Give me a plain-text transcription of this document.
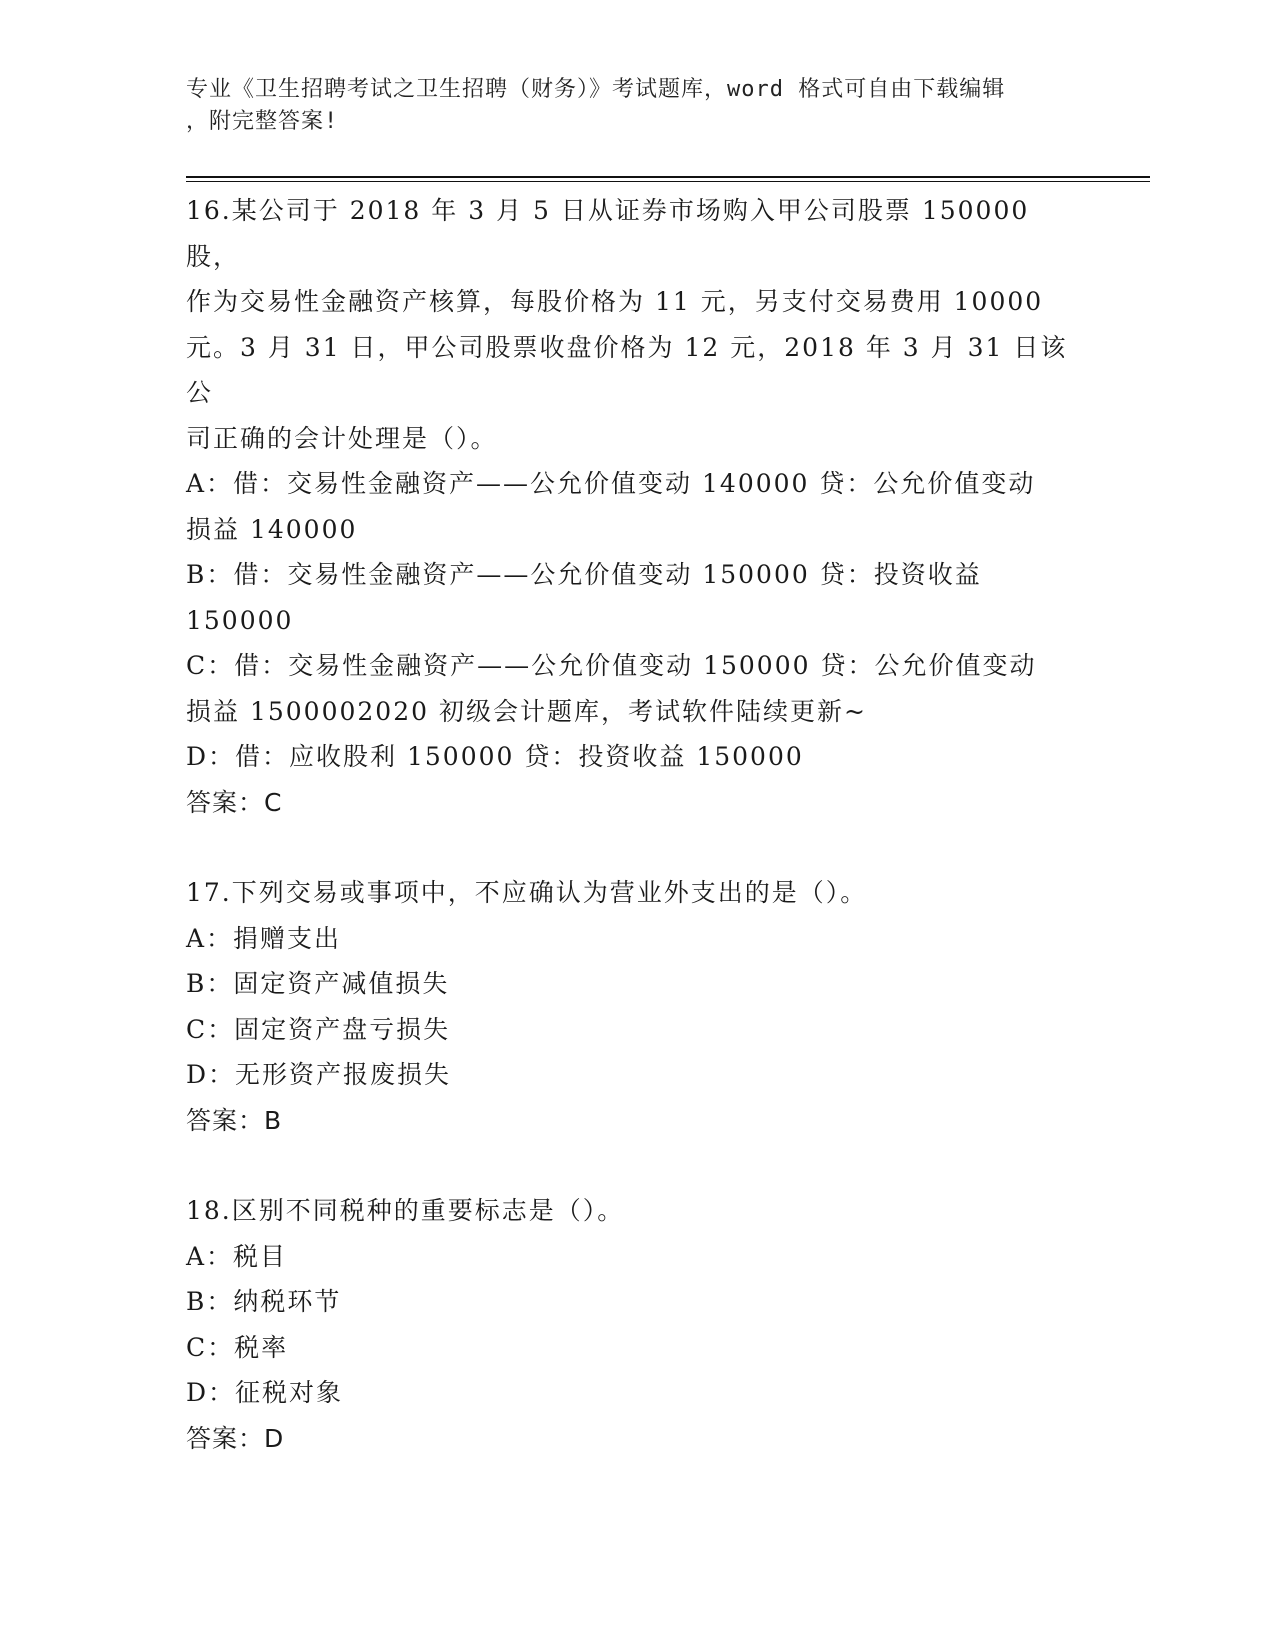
专业《卫生招聘考试之卫生招聘（财务）》考试题库，word 格式可自由下载编辑
，附完整答案!
16.某公司于 2018 年 3 月 5 日从证券市场购入甲公司股票 150000 股，
作为交易性金融资产核算，每股价格为 11 元，另支付交易费用 10000
元。3 月 31 日，甲公司股票收盘价格为 12 元，2018 年 3 月 31 日该公
司正确的会计处理是（）。
A：借：交易性金融资产——公允价值变动 140000 贷：公允价值变动
损益 140000
B：借：交易性金融资产——公允价值变动 150000 贷：投资收益
150000
C：借：交易性金融资产——公允价值变动 150000 贷：公允价值变动
损益 1500002020 初级会计题库，考试软件陆续更新~
D：借：应收股利 150000 贷：投资收益 150000
答案：C
17.下列交易或事项中，不应确认为营业外支出的是（）。
A：捐赠支出
B：固定资产减值损失
C：固定资产盘亏损失
D：无形资产报废损失
答案：B
18.区别不同税种的重要标志是（）。
A：税目
B：纳税环节
C：税率
D：征税对象
答案：D
